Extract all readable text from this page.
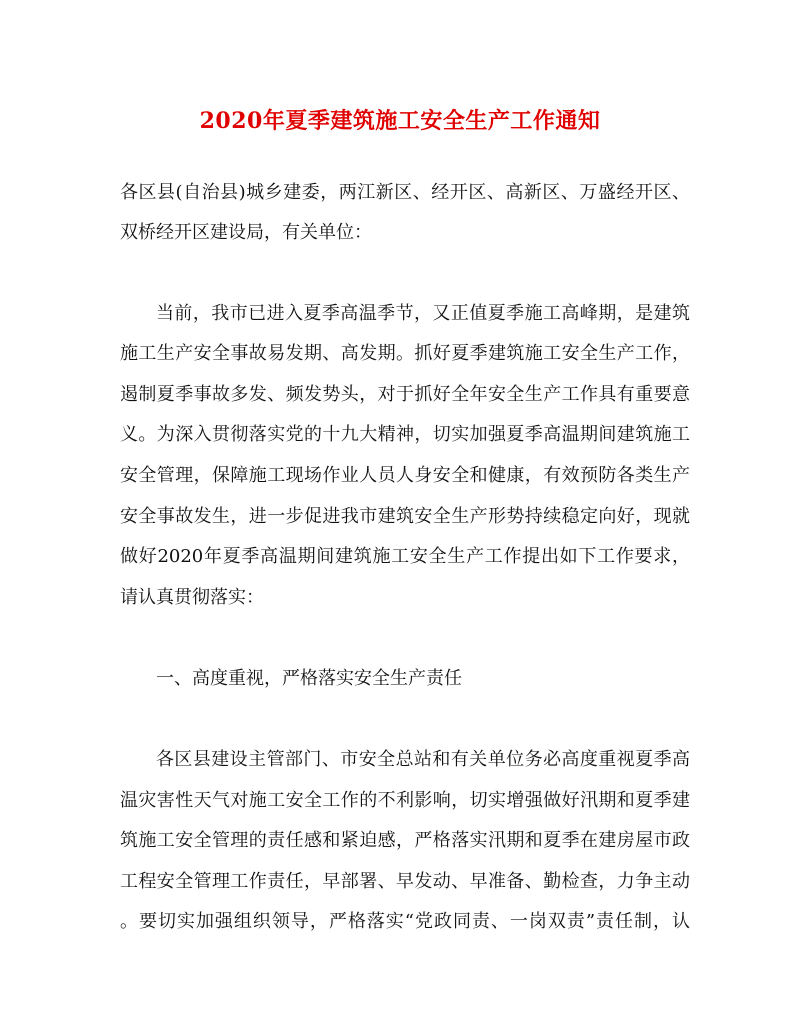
2020年夏季建筑施工安全生产工作通知
各区县(自治县)城乡建委，两江新区、经开区、高新区、万盛经开区、
双桥经开区建设局，有关单位：
当前，我市已进入夏季高温季节，又正值夏季施工高峰期，是建筑
施工生产安全事故易发期、高发期。抓好夏季建筑施工安全生产工作，
遏制夏季事故多发、频发势头，对于抓好全年安全生产工作具有重要意
义。为深入贯彻落实党的十九大精神，切实加强夏季高温期间建筑施工
安全管理，保障施工现场作业人员人身安全和健康，有效预防各类生产
安全事故发生，进一步促进我市建筑安全生产形势持续稳定向好，现就
做好2020年夏季高温期间建筑施工安全生产工作提出如下工作要求，
请认真贯彻落实：
一、高度重视，严格落实安全生产责任
各区县建设主管部门、市安全总站和有关单位务必高度重视夏季高
温灾害性天气对施工安全工作的不利影响，切实增强做好汛期和夏季建
筑施工安全管理的责任感和紧迫感，严格落实汛期和夏季在建房屋市政
工程安全管理工作责任，早部署、早发动、早准备、勤检查，力争主动
。要切实加强组织领导，严格落实“党政同责、一岗双责”责任制，认
